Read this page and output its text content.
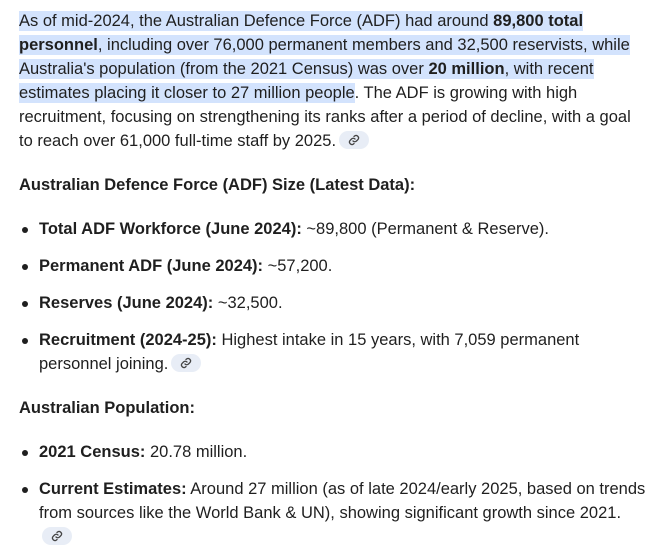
As of mid-2024, the Australian Defence Force (ADF) had around 89,800 total personnel, including over 76,000 permanent members and 32,500 reservists, while Australia's population (from the 2021 Census) was over 20 million, with recent estimates placing it closer to 27 million people. The ADF is growing with high recruitment, focusing on strengthening its ranks after a period of decline, with a goal to reach over 61,000 full-time staff by 2025.

Australian Defence Force (ADF) Size (Latest Data):

Total ADF Workforce (June 2024): ~89,800 (Permanent & Reserve).
Permanent ADF (June 2024): ~57,200.
Reserves (June 2024): ~32,500.
Recruitment (2024-25): Highest intake in 15 years, with 7,059 permanent personnel joining.

Australian Population:

2021 Census: 20.78 million.
Current Estimates: Around 27 million (as of late 2024/early 2025, based on trends from sources like the World Bank & UN), showing significant growth since 2021.
